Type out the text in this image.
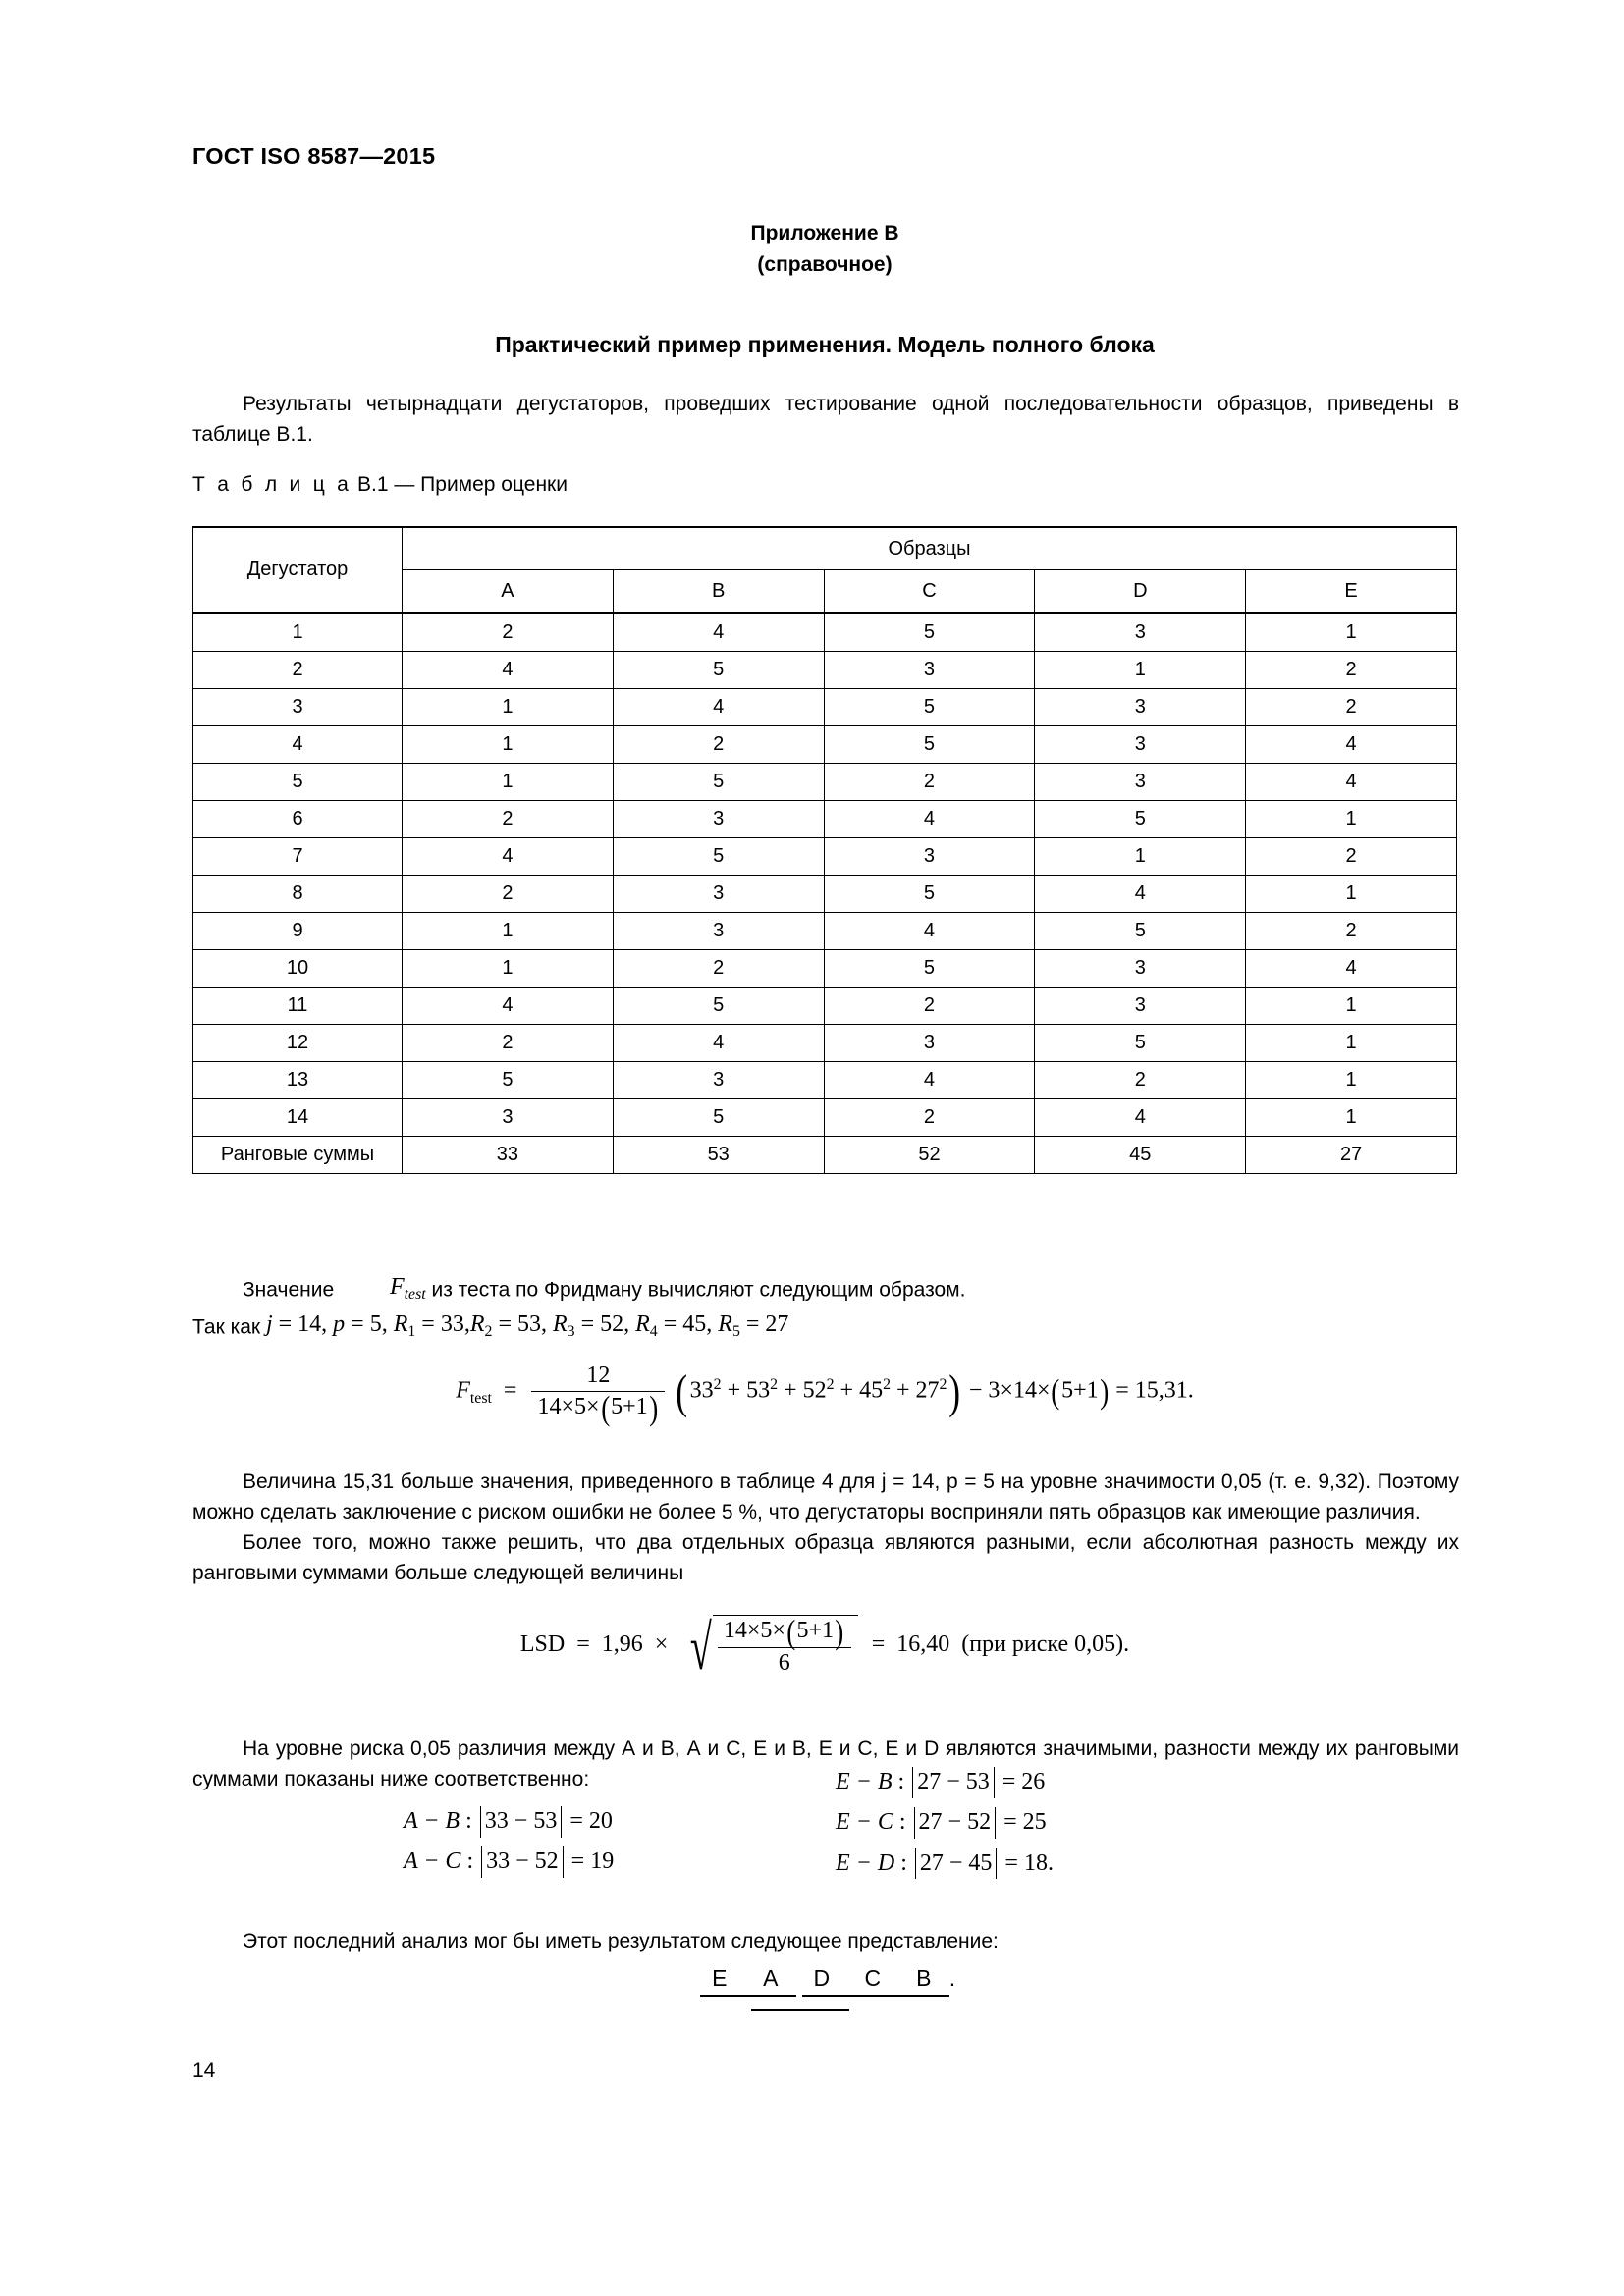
ГОСТ ISO 8587—2015
Приложение В
(справочное)
Практический пример применения. Модель полного блока

Результаты четырнадцати дегустаторов, проведших тестирование одной последовательности образцов, приведены в таблице В.1.

Т а б л и ц а В.1 — Пример оценки
Дегустатор	Образцы				
	A	B	C	D	E
1	2	4	5	3	1
2	4	5	3	1	2
3	1	4	5	3	2
4	1	2	5	3	4
5	1	5	2	3	4
6	2	3	4	5	1
7	4	5	3	1	2
8	2	3	5	4	1
9	1	3	4	5	2
10	1	2	5	3	4
11	4	5	2	3	1
12	2	4	3	5	1
13	5	3	4	2	1
14	3	5	2	4	1
Ранговые суммы	33	53	52	45	27

Значение $F_{test}$ из теста по Фридману вычисляют следующим образом.

Так как j = 14, p = 5, $R_1 = 33,R_2 = 53$, $R_3 = 52$, $R_4 = 45$, $R_5 = 27$

$F_{test} = \frac{12}{14\times 5\times(5+1)} (33^2 + 53^2 + 52^2 + 45^2 + 27^2) - 3\times 14\times(5+1) = 15,31$.

Величина 15,31 больше значения, приведенного в таблице 4 для j = 14, p = 5 на уровне значимости 0,05 (т. е. 9,32). Поэтому можно сделать заключение с риском ошибки не более 5 %, что дегустаторы восприняли пять образцов как имеющие различия.

Более того, можно также решить, что два отдельных образца являются разными, если абсолютная разность между их ранговыми суммами больше следующей величины

LSD  =  1,96  ×  √ $\frac{14\times 5\times(5+1)}{6} = 16,40$ (при риске 0,05).

На уровне риска 0,05 различия между А и В, А и С, Е и В, Е и С, Е и D являются значимыми, разности между их ранговыми суммами показаны ниже соответственно:

A − B : 33 − 53 = 20
A − C : 33 − 52 = 19
E − B : 27 − 53 = 26
E − C : 27 − 52 = 25
E − D : 27 − 45 = 18.

Этот последний анализ мог бы иметь результатом следующее представление:

E A D C B .
14
